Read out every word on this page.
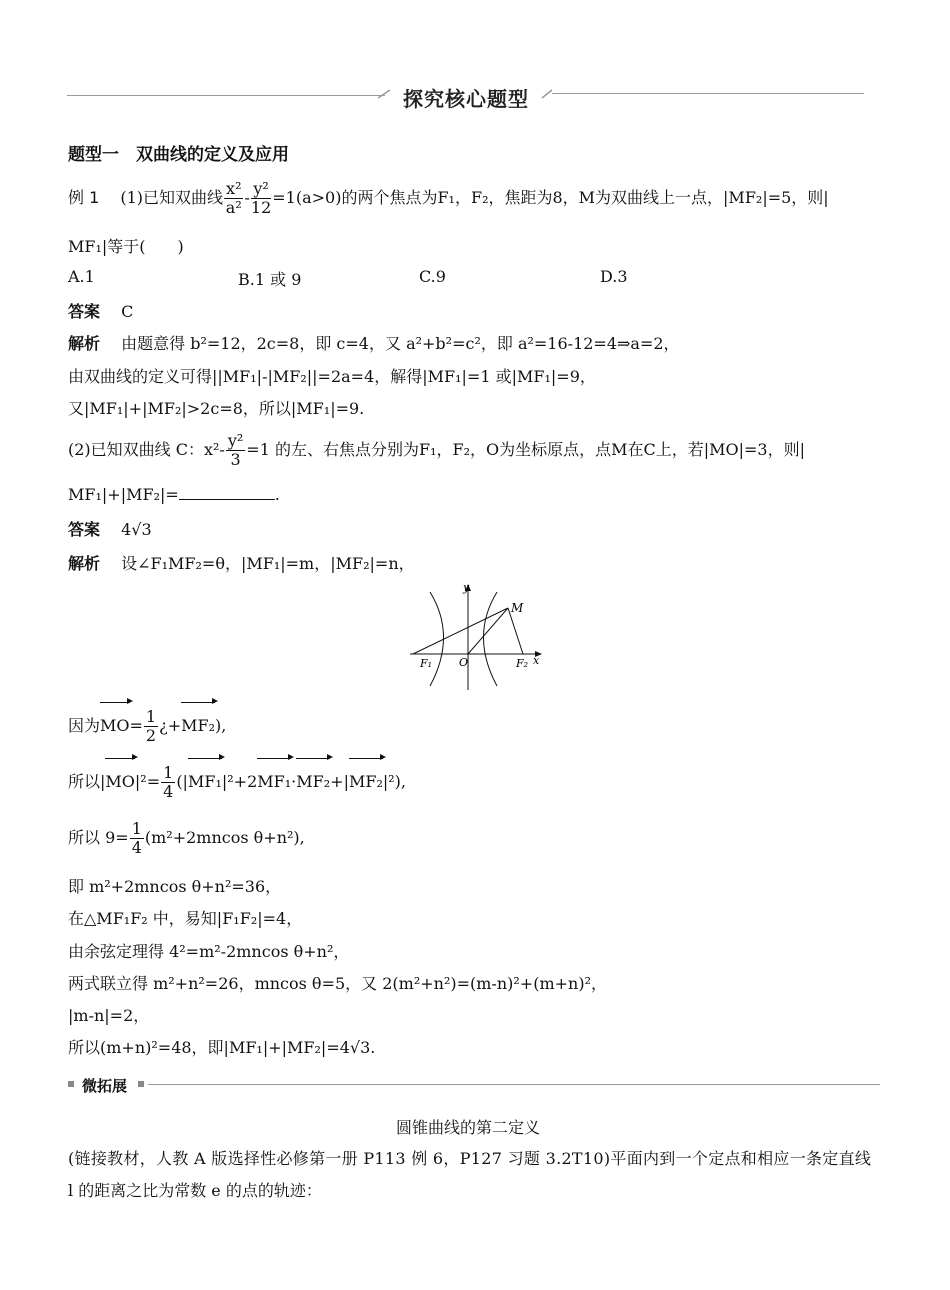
探究核心题型
题型一　双曲线的定义及应用
例 1　 (1)已知双曲线 $\frac{\text{x²}}{\text{a²}} - \frac{\text{y²}}{12} =1(a>0)$的两个焦点为F₁，F₂，焦距为8，M为双曲线上一点，|MF₂|=5，则|
MF₁|等于(　　)
A.1	B.1 或 9	C.9	D.3
答案　 C
解析　 由题意得 b²=12，2c=8，即 c=4，又 a²+b²=c²，即 a²=16-12=4⇒a=2，
由双曲线的定义可得||MF₁|-|MF₂||=2a=4，解得|MF₁|=1 或|MF₁|=9，
又|MF₁|+|MF₂|>2c=8，所以|MF₁|=9.
(2)已知双曲线 C：$x^2- \frac{\text{y²}}{3} =1$ 的左、右焦点分别为F₁，F₂，O为坐标原点，点M在C上，若|MO|=3，则|
MF₁|+|MF₂|=	.
答案　 4√3
解析　 设∠F₁MF₂=θ，|MF₁|=m，|MF₂|=n，
y
M
O
F₁	F₂ x
因为$MO= \frac{1}{2}$ ¿+MF₂),
所以$|MO|^2= \frac{1}{4} (|MF_1|^2+2MF_1\cdot MF_2+|MF_2|^2)$,
所以 $9= \frac{1}{4} (m^2+2mncos$ θ+n²),
即 m²+2mncos θ+n²=36，
在△MF₁F₂ 中，易知|F₁F₂|=4，
由余弦定理得 4²=m²-2mncos θ+n²，
两式联立得 m²+n²=26，mncos θ=5，又 2(m²+n²)=(m-n)²+(m+n)²，
|m-n|=2，
所以(m+n)²=48，即|MF₁|+|MF₂|=4√3.
微拓展
圆锥曲线的第二定义
(链接教材，人教 A 版选择性必修第一册 P113 例 6，P127 习题 3.2T10)平面内到一个定点和相应一条定直线
l 的距离之比为常数 e 的点的轨迹：
